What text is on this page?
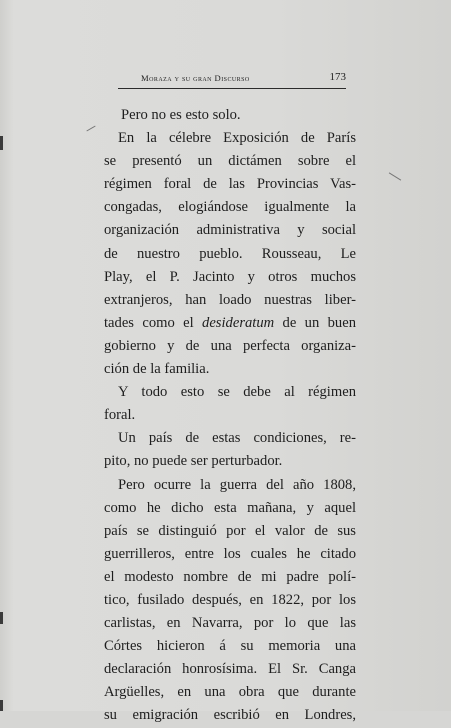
Moraza y su gran Discurso	173
Pero no es esto solo.
En la célebre Exposición de París
se presentó un dictámen sobre el
régimen foral de las Provincias Vas-
congadas, elogiándose igualmente la
organización administrativa y social
de nuestro pueblo. Rousseau, Le
Play, el P. Jacinto y otros muchos
extranjeros, han loado nuestras liber-
tades como el desideratum de un buen
gobierno y de una perfecta organiza-
ción de la familia.
Y todo esto se debe al régimen
foral.
Un país de estas condiciones, re-
pito, no puede ser perturbador.
Pero ocurre la guerra del año 1808,
como he dicho esta mañana, y aquel
país se distinguió por el valor de sus
guerrilleros, entre los cuales he citado
el modesto nombre de mi padre polí-
tico, fusilado después, en 1822, por los
carlistas, en Navarra, por lo que las
Córtes hicieron á su memoria una
declaración honrosísima. El Sr. Canga
Argüelles, en una obra que durante
su emigración escribió en Londres,
